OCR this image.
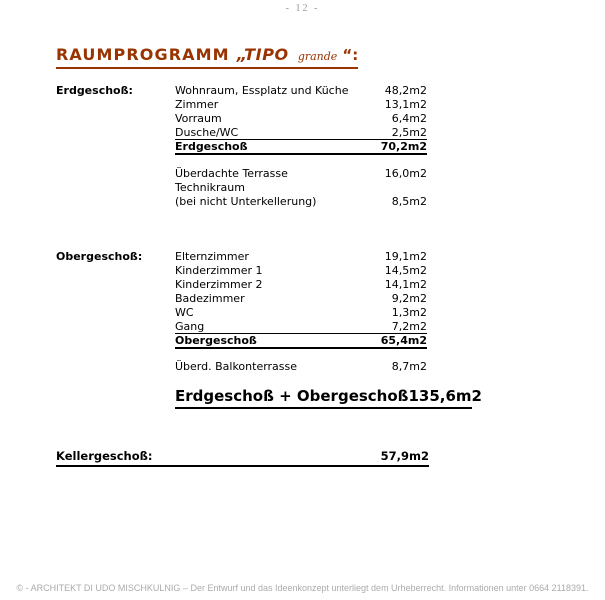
- 12 -
RAUMPROGRAMM „TIPO grande “:
Erdgeschoß:	Wohnraum, Essplatz und Küche	48,2m2
Zimmer	13,1m2
Vorraum	6,4m2
Dusche/WC	2,5m2
Erdgeschoß	70,2m2
Überdachte Terrasse	16,0m2
Technikraum
(bei nicht Unterkellerung)	8,5m2
Obergeschoß:	Elternzimmer	19,1m2
Kinderzimmer 1	14,5m2
Kinderzimmer 2	14,1m2
Badezimmer	9,2m2
WC	1,3m2
Gang	7,2m2
Obergeschoß	65,4m2
Überd. Balkonterrasse	8,7m2
Erdgeschoß + Obergeschoß 135,6m2
Kellergeschoß:	57,9m2
© - ARCHITEKT DI UDO MISCHKULNIG – Der Entwurf und das Ideenkonzept unterliegt dem Urheberrecht. Informationen unter 0664 2118391.
